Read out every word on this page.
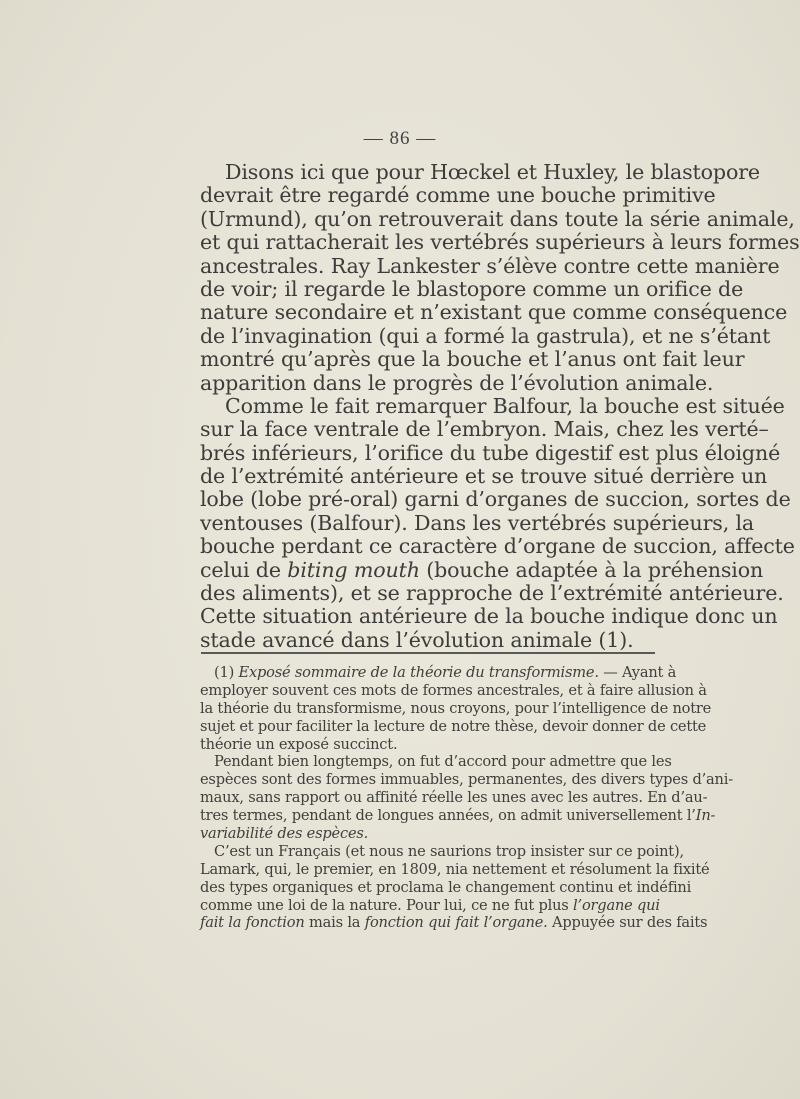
— 86 —
Disons ici que pour Hœckel et Huxley, le blastopore
devrait être regardé comme une bouche primitive
(Urmund), qu’on retrouverait dans toute la série animale,
et qui rattacherait les vertébrés supérieurs à leurs formes
ancestrales. Ray Lankester s’élève contre cette manière
de voir; il regarde le blastopore comme un orifice de
nature secondaire et n’existant que comme conséquence
de l’invagination (qui a formé la gastrula), et ne s’étant
montré qu’après que la bouche et l’anus ont fait leur
apparition dans le progrès de l’évolution animale.
Comme le fait remarquer Balfour, la bouche est située
sur la face ventrale de l’embryon. Mais, chez les verté–
brés inférieurs, l’orifice du tube digestif est plus éloigné
de l’extrémité antérieure et se trouve situé derrière un
lobe (lobe pré-oral) garni d’organes de succion, sortes de
ventouses (Balfour). Dans les vertébrés supérieurs, la
bouche perdant ce caractère d’organe de succion, affecte
celui de biting mouth (bouche adaptée à la préhension
des aliments), et se rapproche de l’extrémité antérieure.
Cette situation antérieure de la bouche indique donc un
stade avancé dans l’évolution animale (1).
(1) Exposé sommaire de la théorie du transformisme. — Ayant à
employer souvent ces mots de formes ancestrales, et à faire allusion à
la théorie du transformisme, nous croyons, pour l’intelligence de notre
sujet et pour faciliter la lecture de notre thèse, devoir donner de cette
théorie un exposé succinct.
Pendant bien longtemps, on fut d’accord pour admettre que les
espèces sont des formes immuables, permanentes, des divers types d’ani-
maux, sans rapport ou affinité réelle les unes avec les autres. En d’au-
tres termes, pendant de longues années, on admit universellement l’In-
variabilité des espèces.
C’est un Français (et nous ne saurions trop insister sur ce point),
Lamark, qui, le premier, en 1809, nia nettement et résolument la fixité
des types organiques et proclama le changement continu et indéfini
comme une loi de la nature. Pour lui, ce ne fut plus l’organe qui
fait la fonction mais la fonction qui fait l’organe. Appuyée sur des faits
